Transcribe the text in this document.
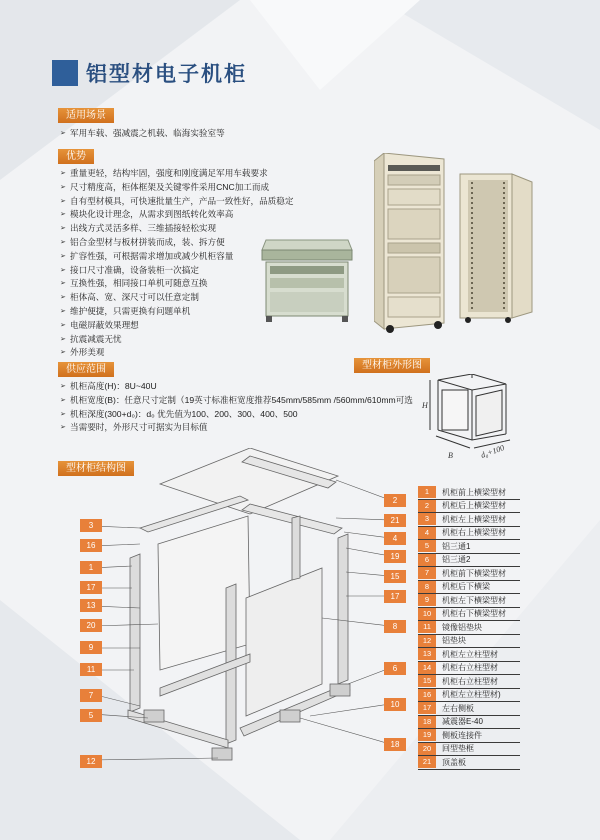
铝型材电子机柜
适用场景
➢ 军用车载、强减震之机载、临海实验室等
优势
➢ 重量更轻，结构牢固，强度和刚度满足军用车载要求
➢ 尺寸精度高，柜体框架及关键零件采用CNC加工而成
➢ 自有型材模具，可快速批量生产，产品一致性好，品质稳定
➢ 模块化设计理念，从需求到图纸转化效率高
➢ 出线方式灵活多样、三维插接轻松实现
➢ 铝合金型材与板材拼装而成，装、拆方便
➢ 扩容性强，可根据需求增加或减少机柜容量
➢ 接口尺寸准确，设备装柜一次搞定
➢ 互换性强，相同接口单机可随意互换
➢ 柜体高、宽、深尺寸可以任意定制
➢ 维护便捷，只需更换有问题单机
➢ 电磁屏蔽效果理想
➢ 抗震减震无忧
➢ 外形美观
供应范围
➢ 机柜高度(H)：8U~40U
➢ 机柜宽度(B)：任意尺寸定制（19英寸标准柜宽度推荐545mm/585mm /560mm/610mm可选
➢ 机柜深度(300+d₀)：d₀ 优先值为100、200、300、400、500
➢ 当需要时，外形尺寸可据实为目标值
型材柜外形图
H
B	d₀+100
型材柜结构图
3
16
1
17
13
20
9
11
7
5
12
2
21
4
19
15
17
8
6
10
18
1	机柜前上横梁型材
2	机柜后上横梁型材
3	机柜左上横梁型材
4	机柜右上横梁型材
5	铝三通1
6	铝三通2
7	机柜前下横梁型材
8	机柜后下横梁
9	机柜左下横梁型材
10	机柜右下横梁型材
11	镜像铝垫块
12	铝垫块
13	机柜左立柱型材
14	机柜右立柱型材
15	机柜右立柱型材
16	机柜左立柱型材)
17	左右侧板
18	减震器E-40
19	侧板连接件
20	回型垫框
21	顶盖板
